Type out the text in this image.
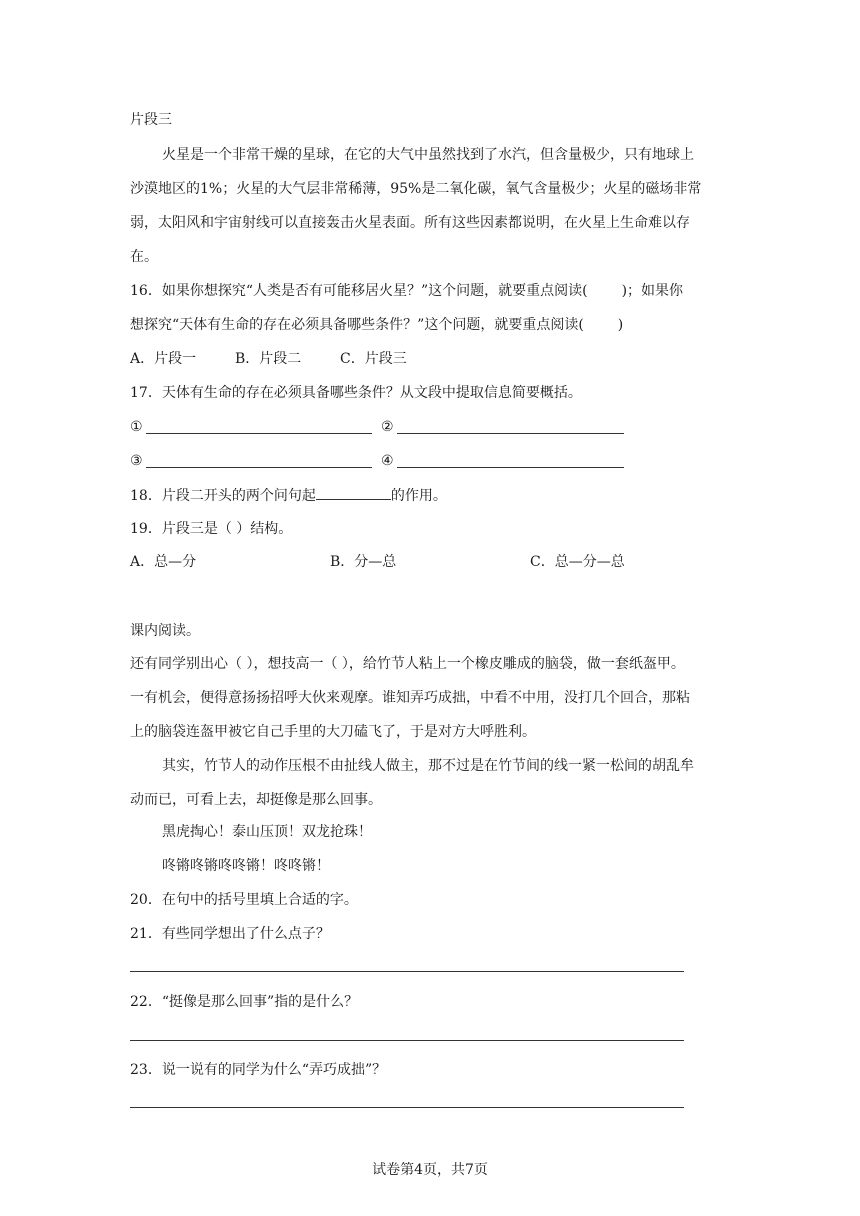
片段三
火星是一个非常干燥的星球，在它的大气中虽然找到了水汽，但含量极少，只有地球上
沙漠地区的1%；火星的大气层非常稀薄，95%是二氧化碳，氧气含量极少；火星的磁场非常
弱，太阳风和宇宙射线可以直接轰击火星表面。所有这些因素都说明，在火星上生命难以存
在。
16．如果你想探究“人类是否有可能移居火星？”这个问题，就要重点阅读( )；如果你
想探究“天体有生命的存在必须具备哪些条件？”这个问题，就要重点阅读( )
A．片段一	B．片段二	C．片段三
17．天体有生命的存在必须具备哪些条件？从文段中提取信息简要概括。
①	②
③	④
18．片段二开头的两个问句起	的作用。
19．片段三是（ ）结构。
A．总—分	B．分—总	C．总—分—总
课内阅读。
还有同学别出心（ ），想技高一（ ），给竹节人粘上一个橡皮雕成的脑袋，做一套纸盔甲。
一有机会，便得意扬扬招呼大伙来观摩。谁知弄巧成拙，中看不中用，没打几个回合，那粘
上的脑袋连盔甲被它自己手里的大刀磕飞了，于是对方大呼胜利。
其实，竹节人的动作压根不由扯线人做主，那不过是在竹节间的线一紧一松间的胡乱牟
动而已，可看上去，却挺像是那么回事。
黑虎掏心！泰山压顶！双龙抢珠！
咚锵咚锵咚咚锵！咚咚锵！
20．在句中的括号里填上合适的字。
21．有些同学想出了什么点子？
22．“挺像是那么回事”指的是什么？
23．说一说有的同学为什么“弄巧成拙”？
试卷第4页，共7页
